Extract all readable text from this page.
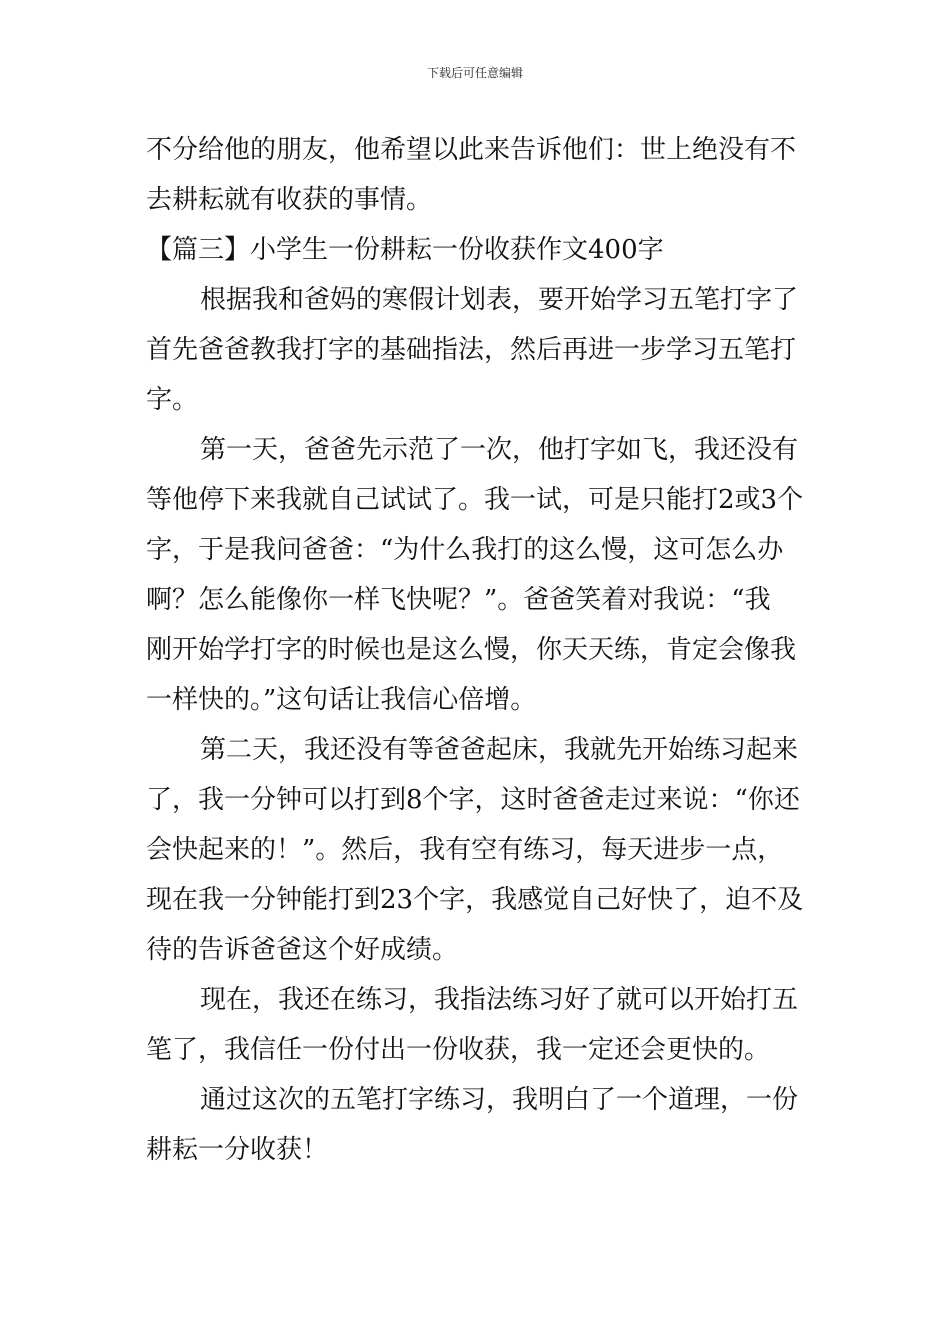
下载后可任意编辑
不分给他的朋友，他希望以此来告诉他们：世上绝没有不
去耕耘就有收获的事情。
【篇三】小学生一份耕耘一份收获作文400字
根据我和爸妈的寒假计划表，要开始学习五笔打字了
首先爸爸教我打字的基础指法，然后再进一步学习五笔打
字。
第一天，爸爸先示范了一次，他打字如飞，我还没有
等他停下来我就自己试试了。我一试，可是只能打2或3个
字，于是我问爸爸：“为什么我打的这么慢，这可怎么办
啊？怎么能像你一样飞快呢？”。爸爸笑着对我说：“我
刚开始学打字的时候也是这么慢，你天天练，肯定会像我
一样快的。”这句话让我信心倍增。
第二天，我还没有等爸爸起床，我就先开始练习起来
了，我一分钟可以打到8个字，这时爸爸走过来说：“你还
会快起来的！”。然后，我有空有练习，每天进步一点，
现在我一分钟能打到23个字，我感觉自己好快了，迫不及
待的告诉爸爸这个好成绩。
现在，我还在练习，我指法练习好了就可以开始打五
笔了，我信任一份付出一份收获，我一定还会更快的。
通过这次的五笔打字练习，我明白了一个道理，一份
耕耘一分收获！
